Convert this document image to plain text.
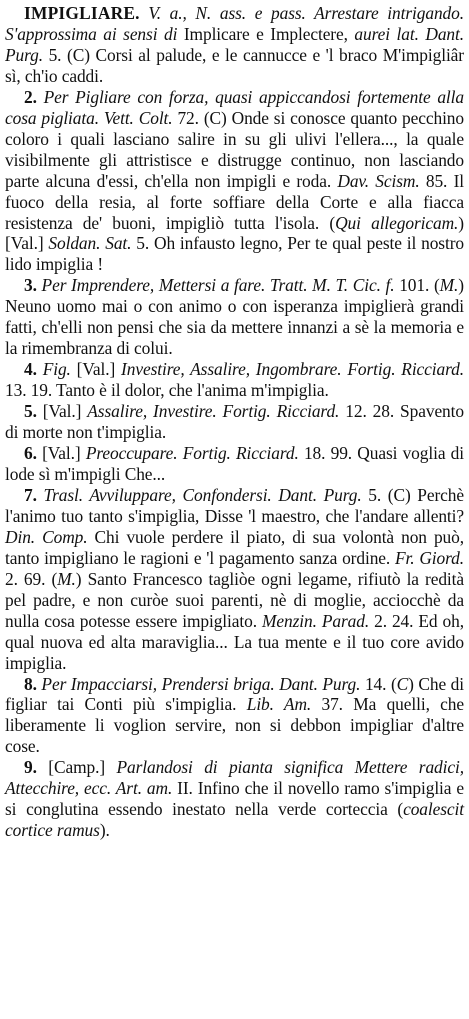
IMPIGLIARE. V. a., N. ass. e pass. Arrestare intrigando. S'approssima ai sensi di Implicare e Implectere, aurei lat. Dant. Purg. 5. (C) Corsi al palude, e le cannucce e 'l braco M'impigliâr sì, ch'io caddi.

2. Per Pigliare con forza, quasi appiccandosi fortemente alla cosa pigliata. Vett. Colt. 72. (C) Onde si conosce quanto pecchino coloro i quali lasciano salire in su gli ulivi l'ellera..., la quale visibilmente gli attristisce e distrugge continuo, non lasciando parte alcuna d'essi, ch'ella non impigli e roda. Dav. Scism. 85. Il fuoco della resia, al forte soffiare della Corte e alla fiacca resistenza de' buoni, impigliò tutta l'isola. (Qui allegoricam.) [Val.] Soldan. Sat. 5. Oh infausto legno, Per te qual peste il nostro lido impiglia !

3. Per Imprendere, Mettersi a fare. Tratt. M. T. Cic. f. 101. (M.) Neuno uomo mai o con animo o con isperanza impiglierà grandi fatti, ch'elli non pensi che sia da mettere innanzi a sè la memoria e la rimembranza di colui.

4. Fig. [Val.] Investire, Assalire, Ingombrare. Fortig. Ricciard. 13. 19. Tanto è il dolor, che l'anima m'impiglia.

5. [Val.] Assalire, Investire. Fortig. Ricciard. 12. 28. Spavento di morte non t'impiglia.

6. [Val.] Preoccupare. Fortig. Ricciard. 18. 99. Quasi voglia di lode sì m'impigli Che...

7. Trasl. Avviluppare, Confondersi. Dant. Purg. 5. (C) Perchè l'animo tuo tanto s'impiglia, Disse 'l maestro, che l'andare allenti? Din. Comp. Chi vuole perdere il piato, di sua volontà non può, tanto impigliano le ragioni e 'l pagamento sanza ordine. Fr. Giord. 2. 69. (M.) Santo Francesco tagliòe ogni legame, rifiutò la redità pel padre, e non curòe suoi parenti, nè di moglie, acciocchè da nulla cosa potesse essere impigliato. Menzin. Parad. 2. 24. Ed oh, qual nuova ed alta maraviglia... La tua mente e il tuo core avido impiglia.

8. Per Impacciarsi, Prendersi briga. Dant. Purg. 14. (C) Che di figliar tai Conti più s'impiglia. Lib. Am. 37. Ma quelli, che liberamente li voglion servire, non si debbon impigliar d'altre cose.

9. [Camp.] Parlandosi di pianta significa Mettere radici, Attecchire, ecc. Art. am. II. Infino che il novello ramo s'impiglia e si conglutina essendo inestato nella verde corteccia (coalescit cortice ramus).
